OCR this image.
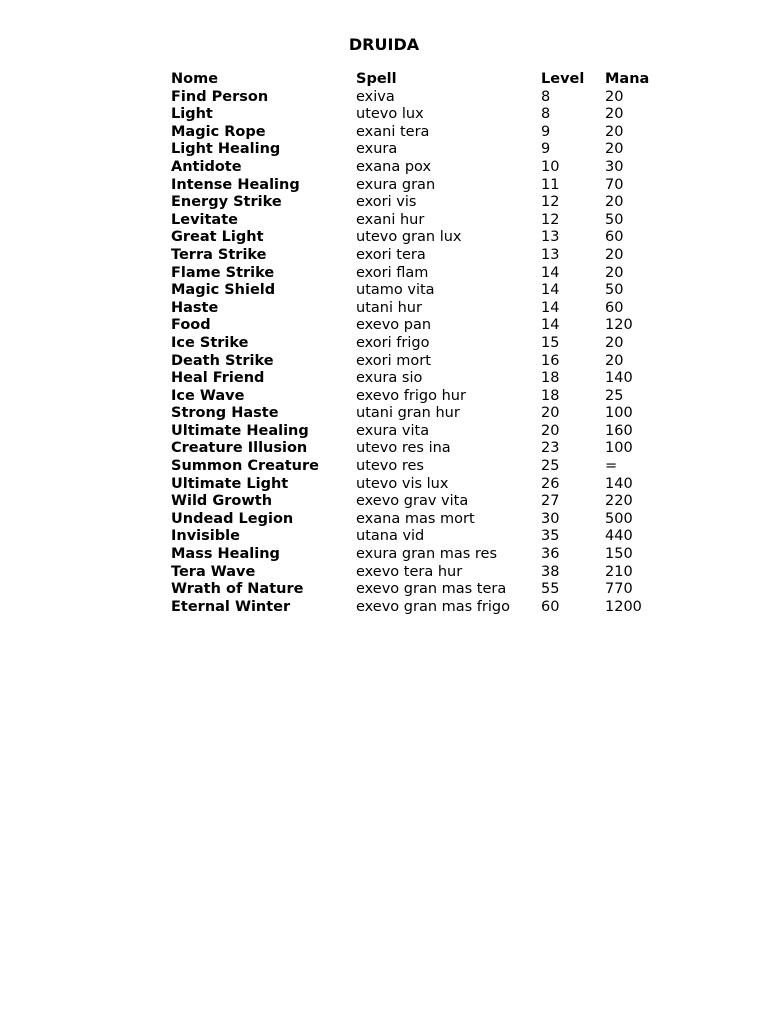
DRUIDA
Nome	Spell	Level	Mana
Find Person	exiva	8	20
Light	utevo lux	8	20
Magic Rope	exani tera	9	20
Light Healing	exura	9	20
Antidote	exana pox	10	30
Intense Healing	exura gran	11	70
Energy Strike	exori vis	12	20
Levitate	exani hur	12	50
Great Light	utevo gran lux	13	60
Terra Strike	exori tera	13	20
Flame Strike	exori flam	14	20
Magic Shield	utamo vita	14	50
Haste	utani hur	14	60
Food	exevo pan	14	120
Ice Strike	exori frigo	15	20
Death Strike	exori mort	16	20
Heal Friend	exura sio	18	140
Ice Wave	exevo frigo hur	18	25
Strong Haste	utani gran hur	20	100
Ultimate Healing	exura vita	20	160
Creature Illusion	utevo res ina	23	100
Summon Creature	utevo res	25	=
Ultimate Light	utevo vis lux	26	140
Wild Growth	exevo grav vita	27	220
Undead Legion	exana mas mort	30	500
Invisible	utana vid	35	440
Mass Healing	exura gran mas res	36	150
Tera Wave	exevo tera hur	38	210
Wrath of Nature	exevo gran mas tera	55	770
Eternal Winter	exevo gran mas frigo	60	1200
